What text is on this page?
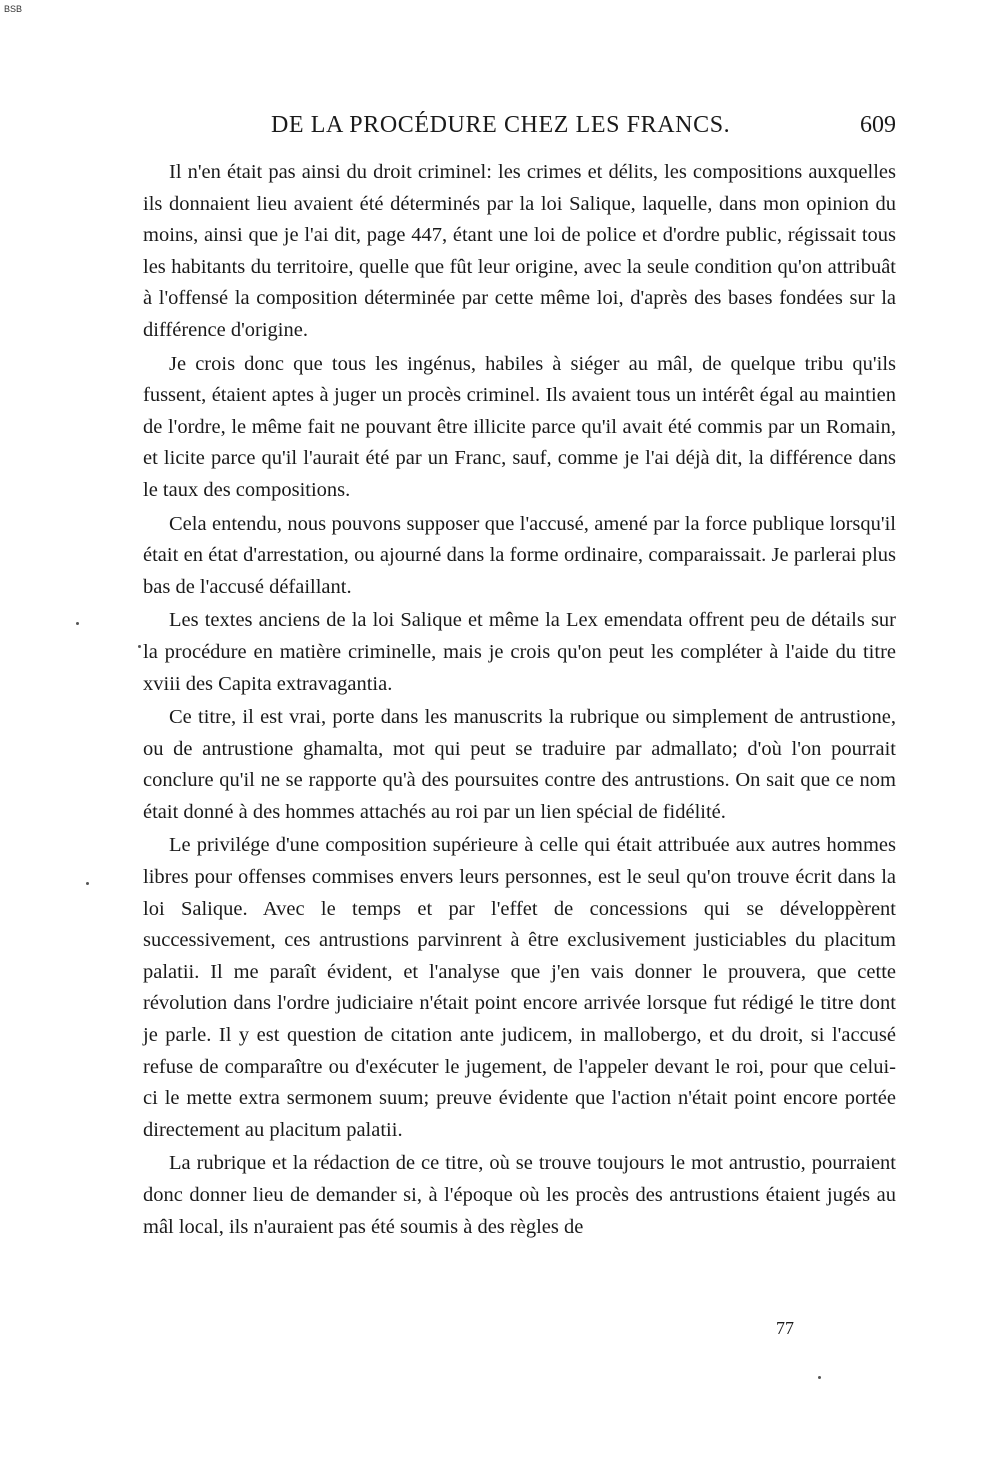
BSB
DE LA PROCÉDURE CHEZ LES FRANCS.	609

Il n'en était pas ainsi du droit criminel: les crimes et délits, les compositions auxquelles ils donnaient lieu avaient été déterminés par la loi Salique, laquelle, dans mon opinion du moins, ainsi que je l'ai dit, page 447, étant une loi de police et d'ordre public, régissait tous les habitants du territoire, quelle que fût leur origine, avec la seule condition qu'on attribuât à l'offensé la composition déterminée par cette même loi, d'après des bases fondées sur la différence d'origine.

Je crois donc que tous les ingénus, habiles à siéger au mâl, de quelque tribu qu'ils fussent, étaient aptes à juger un procès criminel. Ils avaient tous un intérêt égal au maintien de l'ordre, le même fait ne pouvant être illicite parce qu'il avait été commis par un Romain, et licite parce qu'il l'aurait été par un Franc, sauf, comme je l'ai déjà dit, la différence dans le taux des compositions.

Cela entendu, nous pouvons supposer que l'accusé, amené par la force publique lorsqu'il était en état d'arrestation, ou ajourné dans la forme ordinaire, comparaissait. Je parlerai plus bas de l'accusé défaillant.

Les textes anciens de la loi Salique et même la Lex emendata offrent peu de détails sur la procédure en matière criminelle, mais je crois qu'on peut les compléter à l'aide du titre xviii des Capita extravagantia.

Ce titre, il est vrai, porte dans les manuscrits la rubrique ou simplement de antrustione, ou de antrustione ghamalta, mot qui peut se traduire par admallato; d'où l'on pourrait conclure qu'il ne se rapporte qu'à des poursuites contre des antrustions. On sait que ce nom était donné à des hommes attachés au roi par un lien spécial de fidélité.

Le privilége d'une composition supérieure à celle qui était attribuée aux autres hommes libres pour offenses commises envers leurs personnes, est le seul qu'on trouve écrit dans la loi Salique. Avec le temps et par l'effet de concessions qui se développèrent successivement, ces antrustions parvinrent à être exclusivement justiciables du placitum palatii. Il me paraît évident, et l'analyse que j'en vais donner le prouvera, que cette révolution dans l'ordre judiciaire n'était point encore arrivée lorsque fut rédigé le titre dont je parle. Il y est question de citation ante judicem, in mallobergo, et du droit, si l'accusé refuse de comparaître ou d'exécuter le jugement, de l'appeler devant le roi, pour que celui-ci le mette extra sermonem suum; preuve évidente que l'action n'était point encore portée directement au placitum palatii.

La rubrique et la rédaction de ce titre, où se trouve toujours le mot antrustio, pourraient donc donner lieu de demander si, à l'époque où les procès des antrustions étaient jugés au mâl local, ils n'auraient pas été soumis à des règles de

77
